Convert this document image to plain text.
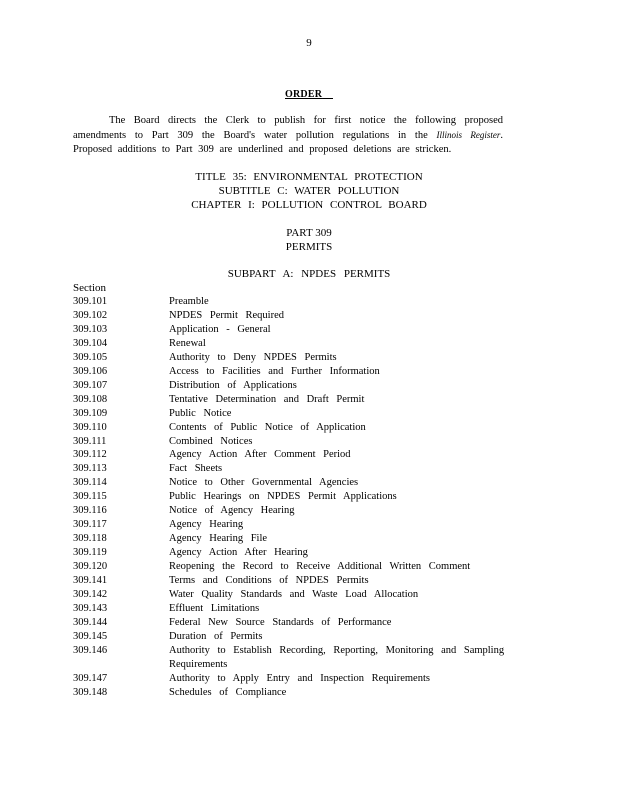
9
ORDER

The Board directs the Clerk to publish for first notice the following proposed amendments to Part 309 the Board's water pollution regulations in the Illinois Register. Proposed additions to Part 309 are underlined and proposed deletions are stricken.

TITLE 35: ENVIRONMENTAL PROTECTION
SUBTITLE C: WATER POLLUTION
CHAPTER I: POLLUTION CONTROL BOARD
PART 309
PERMITS
SUBPART A: NPDES PERMITS
Section
309.101	Preamble
309.102	NPDES Permit Required
309.103	Application - General
309.104	Renewal
309.105	Authority to Deny NPDES Permits
309.106	Access to Facilities and Further Information
309.107	Distribution of Applications
309.108	Tentative Determination and Draft Permit
309.109	Public Notice
309.110	Contents of Public Notice of Application
309.111	Combined Notices
309.112	Agency Action After Comment Period
309.113	Fact Sheets
309.114	Notice to Other Governmental Agencies
309.115	Public Hearings on NPDES Permit Applications
309.116	Notice of Agency Hearing
309.117	Agency Hearing
309.118	Agency Hearing File
309.119	Agency Action After Hearing
309.120	Reopening the Record to Receive Additional Written Comment
309.141	Terms and Conditions of NPDES Permits
309.142	Water Quality Standards and Waste Load Allocation
309.143	Effluent Limitations
309.144	Federal New Source Standards of Performance
309.145	Duration of Permits
309.146	Authority to Establish Recording, Reporting, Monitoring and Sampling Requirements
309.147	Authority to Apply Entry and Inspection Requirements
309.148	Schedules of Compliance
